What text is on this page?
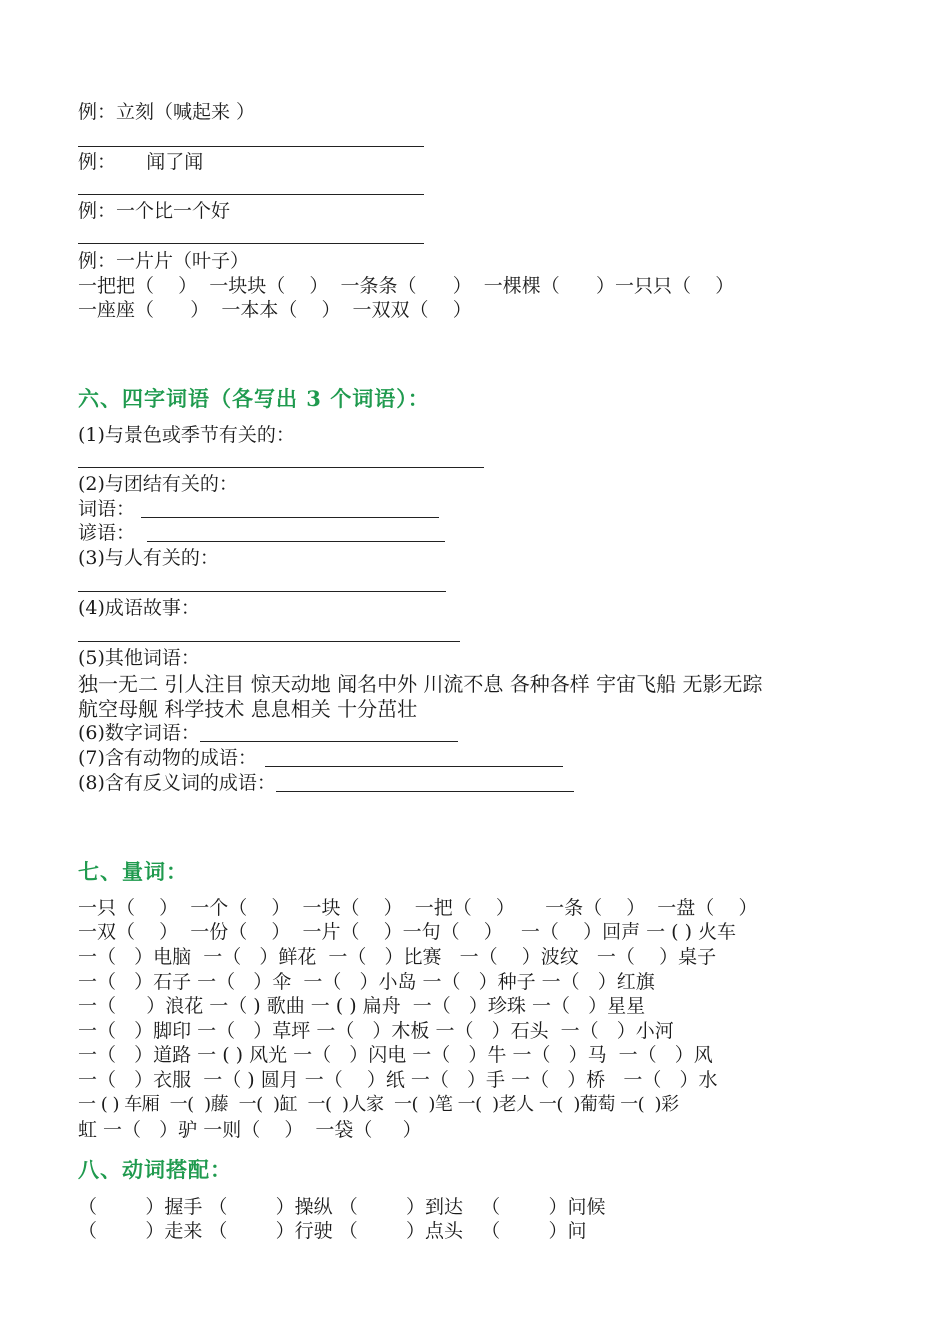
例：立刻（喊起来 ）
例：     闻了闻
例：一个比一个好
例：一片片（叶子）
一把把（    ）  一块块（    ）  一条条（      ）  一棵棵（      ）一只只（    ）
一座座（      ）  一本本（    ）  一双双（    ）
六、四字词语（各写出 3 个词语）：
(1)与景色或季节有关的：
(2)与团结有关的：
词语：
谚语：
(3)与人有关的：
(4)成语故事：
(5)其他词语：
独一无二 引人注目 惊天动地 闻名中外 川流不息 各种各样 宇宙飞船 无影无踪
航空母舰 科学技术 息息相关 十分茁壮
(6)数字词语：
(7)含有动物的成语：
(8)含有反义词的成语：
七、量词：
一只（    ）  一个（    ）  一块（    ）  一把（    ）     一条（    ）  一盘（    ）
一双（    ）  一份（    ）  一片（    ）一句（    ）   一（    ）回声 一 ( ) 火车
一（   ）电脑  一（   ）鲜花  一（   ）比赛   一（    ）波纹   一（    ）桌子
一（   ）石子 一（   ）伞  一（   ）小岛 一（   ）种子 一（   ）红旗
一（     ）浪花 一（ ) 歌曲 一 ( ) 扁舟  一（   ）珍珠 一（   ）星星
一（   ）脚印 一（   ）草坪 一（   ）木板 一（   ）石头  一（   ）小河
一（   ）道路 一 ( ) 风光 一（   ）闪电 一（   ）牛 一（   ）马  一（   ）风
一（   ）衣服  一（ ) 圆月 一（    ）纸 一（   ）手 一（   ）桥   一（   ）水
一 ( ) 车厢  一(  )藤  一(  )缸  一(  )人家  一(  )笔 一(  )老人 一(  )葡萄 一(  )彩
虹 一（   ）驴 一则（    ）  一袋（     ）
八、动词搭配：
（        ）握手 （        ）操纵 （        ）到达   （        ）问候
（        ）走来 （        ）行驶 （        ）点头   （        ）问
